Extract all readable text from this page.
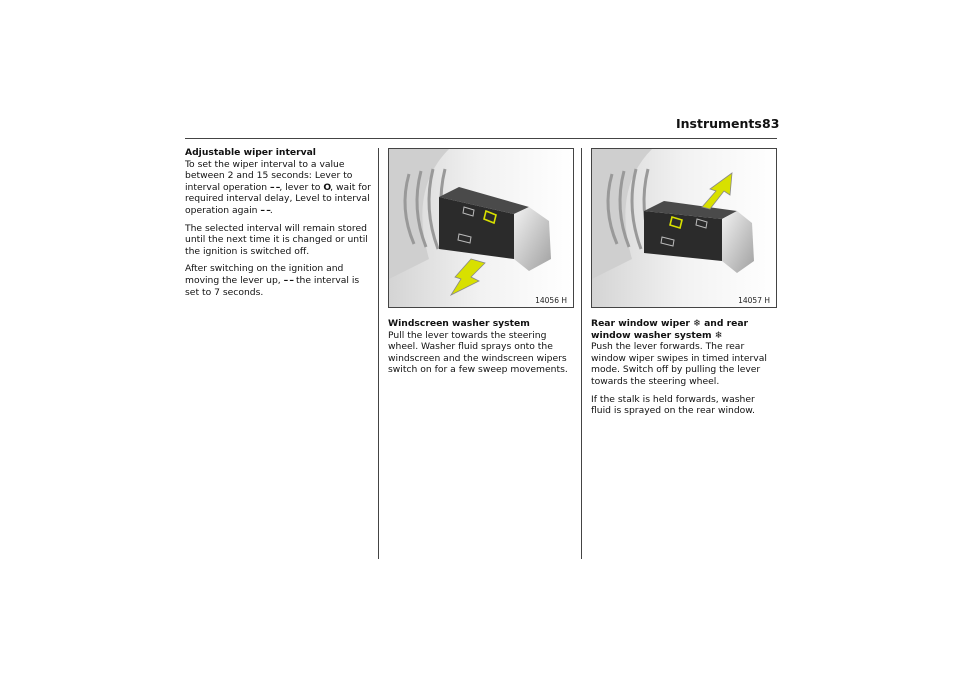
Instruments 83

Adjustable wiper interval
To set the wiper interval to a value between 2 and 15 seconds: Lever to interval operation – –, lever to O, wait for required interval delay, Level to interval operation again – –.

The selected interval will remain stored until the next time it is changed or until the ignition is switched off.

After switching on the ignition and moving the lever up, – – the interval is set to 7 seconds.

14056 H

Windscreen washer system
Pull the lever towards the steering wheel. Washer fluid sprays onto the windscreen and the windscreen wipers switch on for a few sweep movements.

14057 H

Rear window wiper ❄ and rear window washer system ❄
Push the lever forwards. The rear window wiper swipes in timed interval mode. Switch off by pulling the lever towards the steering wheel.

If the stalk is held forwards, washer fluid is sprayed on the rear window.
